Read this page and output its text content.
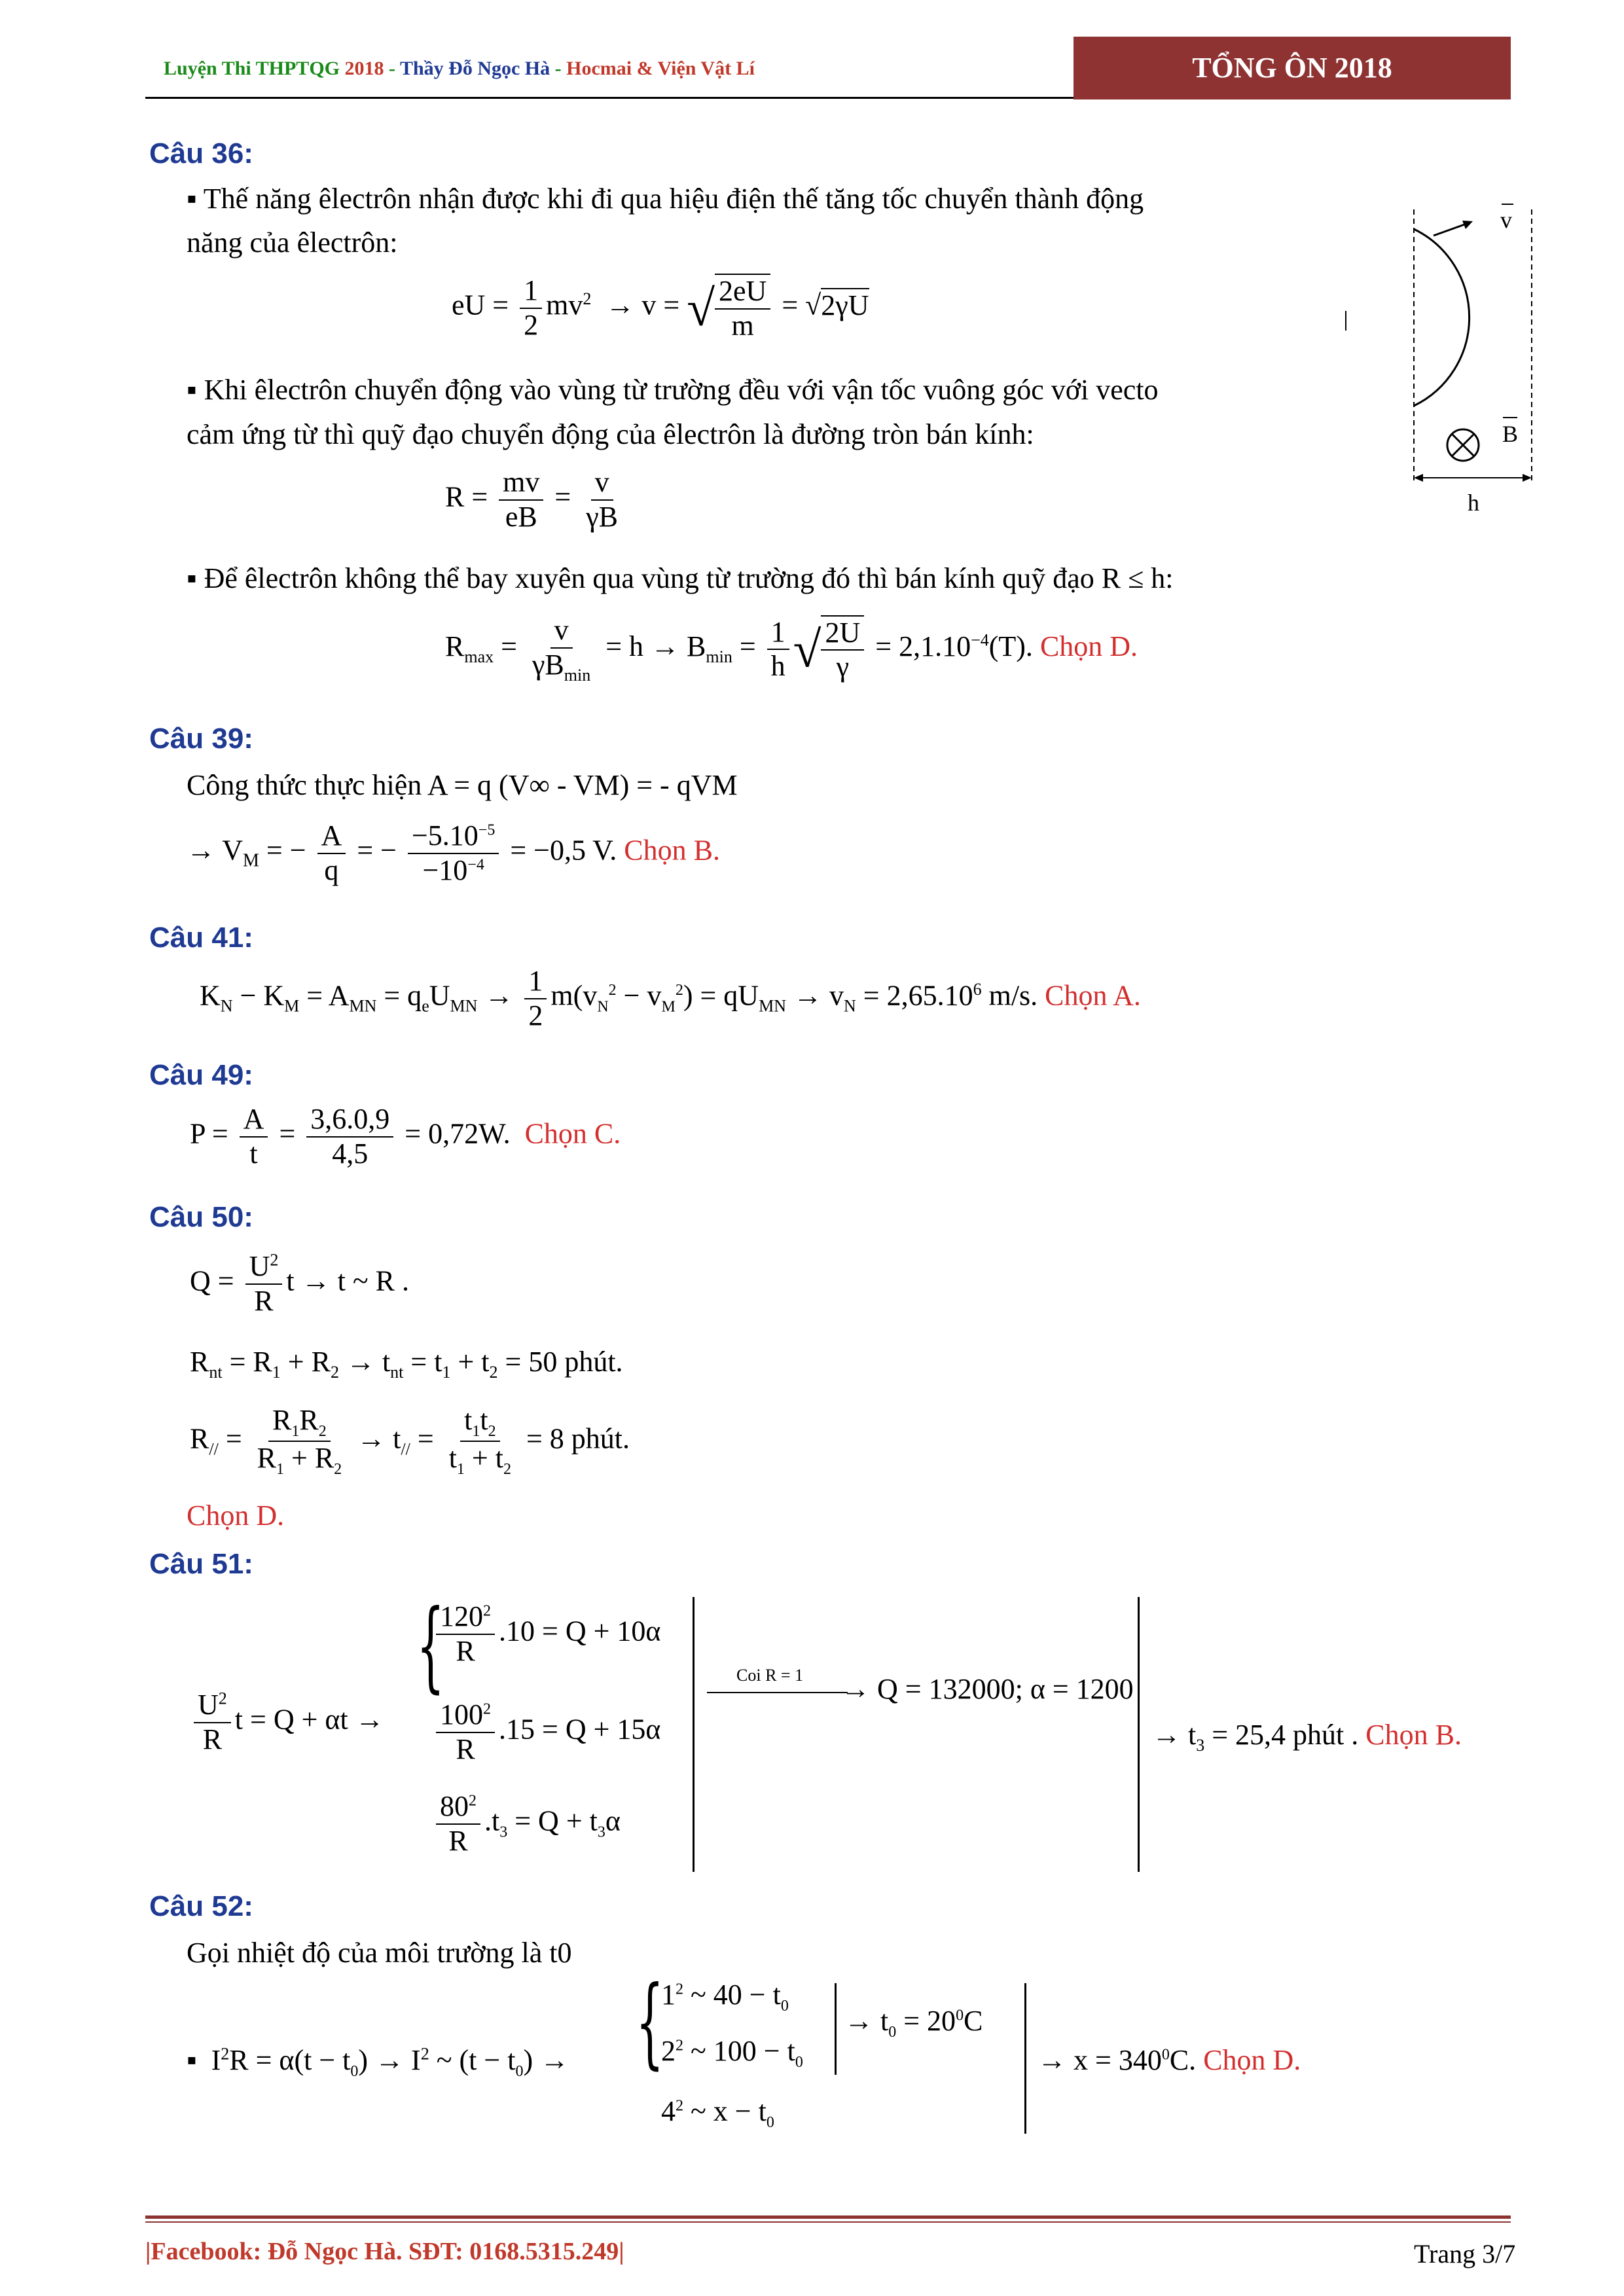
Luyện Thi THPTQG 2018 - Thầy Đỗ Ngọc Hà - Hocmai & Viện Vật Lí	TỔNG ÔN 2018
Câu 36:
▪ Thế năng êlectrôn nhận được khi đi qua hiệu điện thế tăng tốc chuyển thành động
năng của êlectrôn:
eU = $\frac{1}{2} mv^2 \to v$ = √ $\frac{2eU}{m} = √2\gamma U$
▪ Khi êlectrôn chuyển động vào vùng từ trường đều với vận tốc vuông góc với vecto
cảm ứng từ thì quỹ đạo chuyển động của êlectrôn là đường tròn bán kính:
$R = \frac{mv}{eB} = \frac{v}{\gamma B}$
▪ Để êlectrôn không thể bay xuyên qua vùng từ trường đó thì bán kính quỹ đạo R ≤ h:
$R_{max} = \frac{v}{\gamma B_{min}} = h \to B_{min} = \frac{1}{h}$ √ $\frac{2U}{\gamma} = 2,1.10^{-4}(T)$. Chọn D.
v
B
h
Câu 39:
Công thức thực hiện A = q (V∞ - VM) = - qVM
→ $V_M$ = − $\frac{A}{q}$ = − $\frac{-5.10^{-5}}{-10^{-4}} = -0,5$ V. Chọn B.
Câu 41:
$K_N - K_M = A_{MN} = q_eU_{MN} \to \frac{1}{2} m(v_N^2 - v_M^2) = qU_{MN} \to v_N = 2,65.10^6$ m/s. Chọn A.
Câu 49:
$P = \frac{A}{t} = \frac{3,6.0,9}{4,5} = 0,72W$.  Chọn C.
Câu 50:
$Q = \frac{U^2}{R}$ t → t ~ R .
$R_{nt} = R_1 + R_2 \to t_{nt} = t_1 + t_2 = 50$ phút.
$R_{//} = \frac{R_1R_2}{R_1 + R_2} \to t_{//} = \frac{t_1t_2}{t_1 + t_2} = 8$ phút.
Chọn D.
Câu 51:
$\frac{U^2}{R}$ t = Q + αt →
{
$\frac{120^2}{R} .10 = Q + 10\alpha$
$\frac{100^2}{R} .15 = Q + 15\alpha$
$\frac{80^2}{R} .t_3 = Q + t_3\alpha$
Coi R = 1 → Q = 132000; α = 1200
→ $t_3 = 25,4$ phút . Chọn B.
Câu 52:
Gọi nhiệt độ của môi trường là t0
▪  $I^2R = \alpha(t - t_0) \to I^2$ ~ $(t - t_0)$ → {
$1^2$ ~ $40 - t_0$
$2^2$ ~ $100 - t_0$
$4^2$ ~ $x - t_0$
→ $t_0 = 20^0C$
→ $x = 340^0C$. Chọn D.
|Facebook: Đỗ Ngọc Hà. SĐT: 0168.5315.249|	Trang 3/7
